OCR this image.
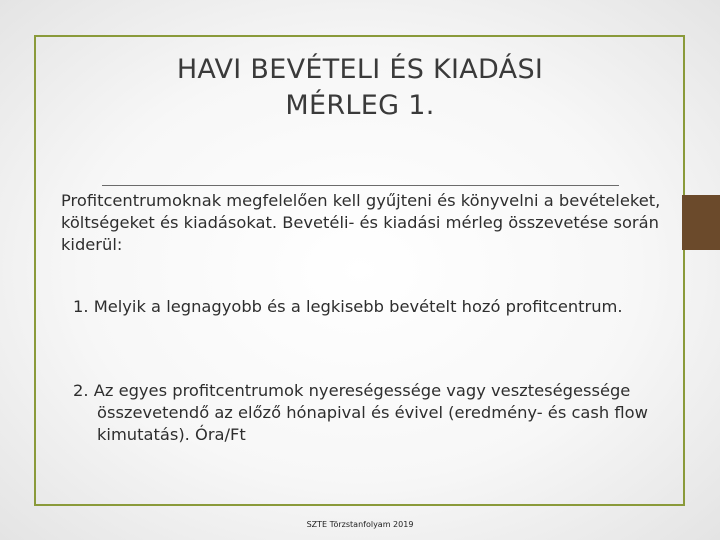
HAVI BEVÉTELI ÉS KIADÁSI
MÉRLEG 1.

Profitcentrumoknak megfelelően kell gyűjteni és könyvelni a bevételeket, költségeket és kiadásokat. Bevetéli- és kiadási mérleg összevetése során kiderül:

1. Melyik a legnagyobb és a legkisebb bevételt hozó profitcentrum.

2. Az egyes profitcentrumok nyereségessége vagy veszteségessége összevetendő az előző hónapival és évivel (eredmény- és cash flow kimutatás). Óra/Ft

SZTE Törzstanfolyam 2019
